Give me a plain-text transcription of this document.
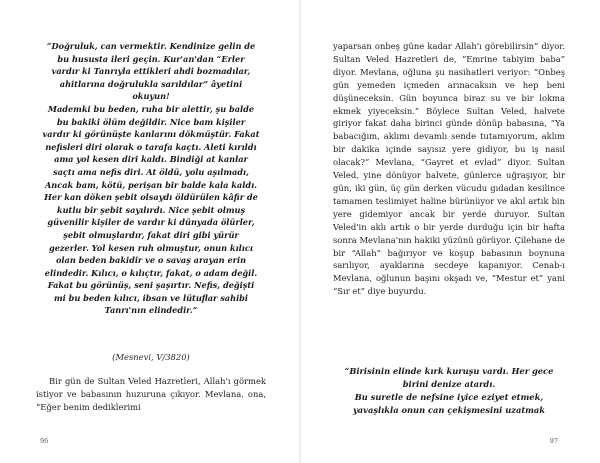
“Doğruluk, can vermektir. Kendinize gelin de
bu hususta ileri geçin. Kur'an'dan “Erler
vardır ki Tanrıyla ettikleri ahdi bozmadılar,
ahitlarına doğrulukla sarıldılar” âyetini
okuyun!
Mademki bu beden, ruha bir alettir, şu balde
bu bakiki ölüm değildir. Nice bam kişiler
vardır ki görünüşte kanlarını dökmüştür. Fakat
nefisleri diri olarak o tarafa kaçtı. Aleti kırıldı
ama yol kesen diri kaldı. Bindiği at kanlar
saçtı ama nefis diri. At öldü, yolu aşılmadı,
Ancak bam, kötü, perişan bir balde kala kaldı.
Her kan döken şebit olsaydı öldürülen kâfir de
kutlu bir şebit sayılırdı. Nice şebit olmuş
güvenilir kişiler de vardır ki dünyada ölürler,
şebit olmuşlardır, fakat diri gibi yürür
gezerler. Yol kesen ruh olmuştur, onun kılıcı
olan beden bakidir ve o savaş arayan erin
elindedir. Kılıcı, o kılıçtır, fakat, o adam değil.
Fakat bu görünüş, seni şaşırtır. Nefis, değişti
mi bu beden kılıcı, ibsan ve lütuflar sahibi
Tanrı'nın elindedir.”
(Mesnevi, V/3820)

Bir gün de Sultan Veled Hazretleri, Allah'ı görmek istiyor ve babasının huzuruna çıkıyor. Mevlana, ona, “Eğer benim dediklerimi

96

yaparsan onbeş güne kadar Allah'ı görebilirsin” diyor. Sultan Veled Hazretleri de, “Emrine tabiyim baba” diyor. Mevlana, oğluna şu nasihatleri veriyor: “Onbeş gün yemeden içmeden arınacaksın ve hep beni düşüneceksin. Gün boyunca biraz su ve bir lokma ekmek yiyeceksin.” Böylece Sultan Veled, halvete giriyor fakat daha birinci günde dönüp babasına, “Ya babacığım, aklımı devamlı sende tutamıyorum, aklım bir dakika içinde sayısız yere gidiyor, bu iş nasıl olacak?” Mevlana, “Gayret et evlad” diyor. Sultan Veled, yine dönüyor halvete, günlerce uğraşıyor, bir gün, iki gün, üç gün derken vücudu gıdadan kesilince tamamen teslimiyet haline bürünüyor ve akıl artık bin yere gidemiyor ancak bir yerde duruyor. Sultan Veled'in aklı artık o bir yerde durduğu için bir hafta sonra Mevlana'nın hakiki yüzünü görüyor. Çilehane de bir “Allah” bağırıyor ve koşup babasının boynuna sarılıyor, ayaklarına secdeye kapanıyor. Cenab-ı Mevlana, oğlunun başını okşadı ve, “Mestur et” yani “Sır et” diye buyurdu.

“Birisinin elinde kırk kuruşu vardı. Her gece
birini denize atardı.
Bu suretle de nefsine iyice eziyet etmek,
yavaşlıkla onun can çekişmesini uzatmak
97
